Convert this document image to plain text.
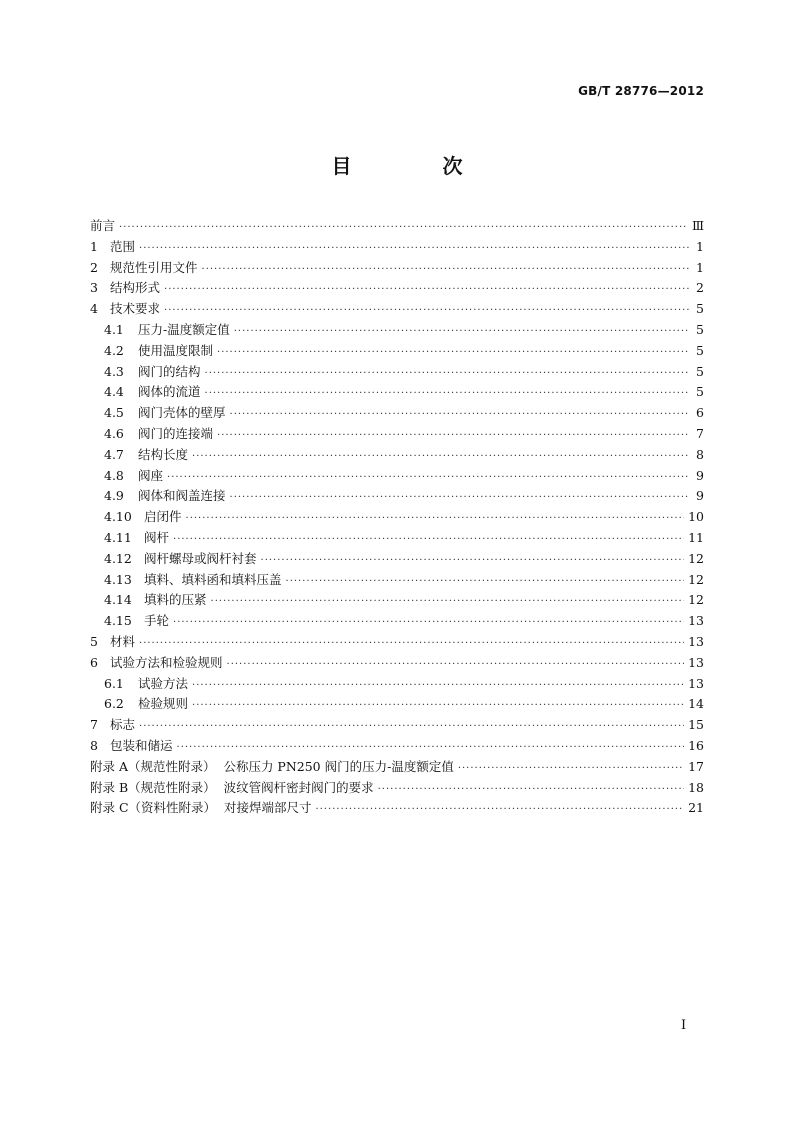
GB/T 28776—2012
目 次
前言 ·····	Ⅲ
1 范围 ·····	1
2 规范性引用文件 ·····	1
3 结构形式 ·····	2
4 技术要求 ·····	5
4.1	压力-温度额定值 ·····	5
4.2	使用温度限制 ·····	5
4.3	阀门的结构 ·····	5
4.4	阀体的流道 ·····	5
4.5	阀门壳体的壁厚 ·····	6
4.6	阀门的连接端 ·····	7
4.7	结构长度 ·····	8
4.8	阀座 ·····	9
4.9	阀体和阀盖连接 ·····	9
4.10 启闭件 ·····	10
4.11 阀杆 ·····	11
4.12 阀杆螺母或阀杆衬套 ·····	12
4.13 填料、填料函和填料压盖 ·····	12
4.14 填料的压紧 ·····	12
4.15 手轮 ·····	13
5 材料 ·····	13
6 试验方法和检验规则 ·····	13
6.1	试验方法 ·····	13
6.2	检验规则 ·····	14
7 标志 ·····	15
8 包装和储运 ·····	16
附录 A（规范性附录）  公称压力 PN250 阀门的压力-温度额定值 ·····	17
附录 B（规范性附录）  波纹管阀杆密封阀门的要求 ·····	18
附录 C（资料性附录）  对接焊端部尺寸 ·····	21
I
